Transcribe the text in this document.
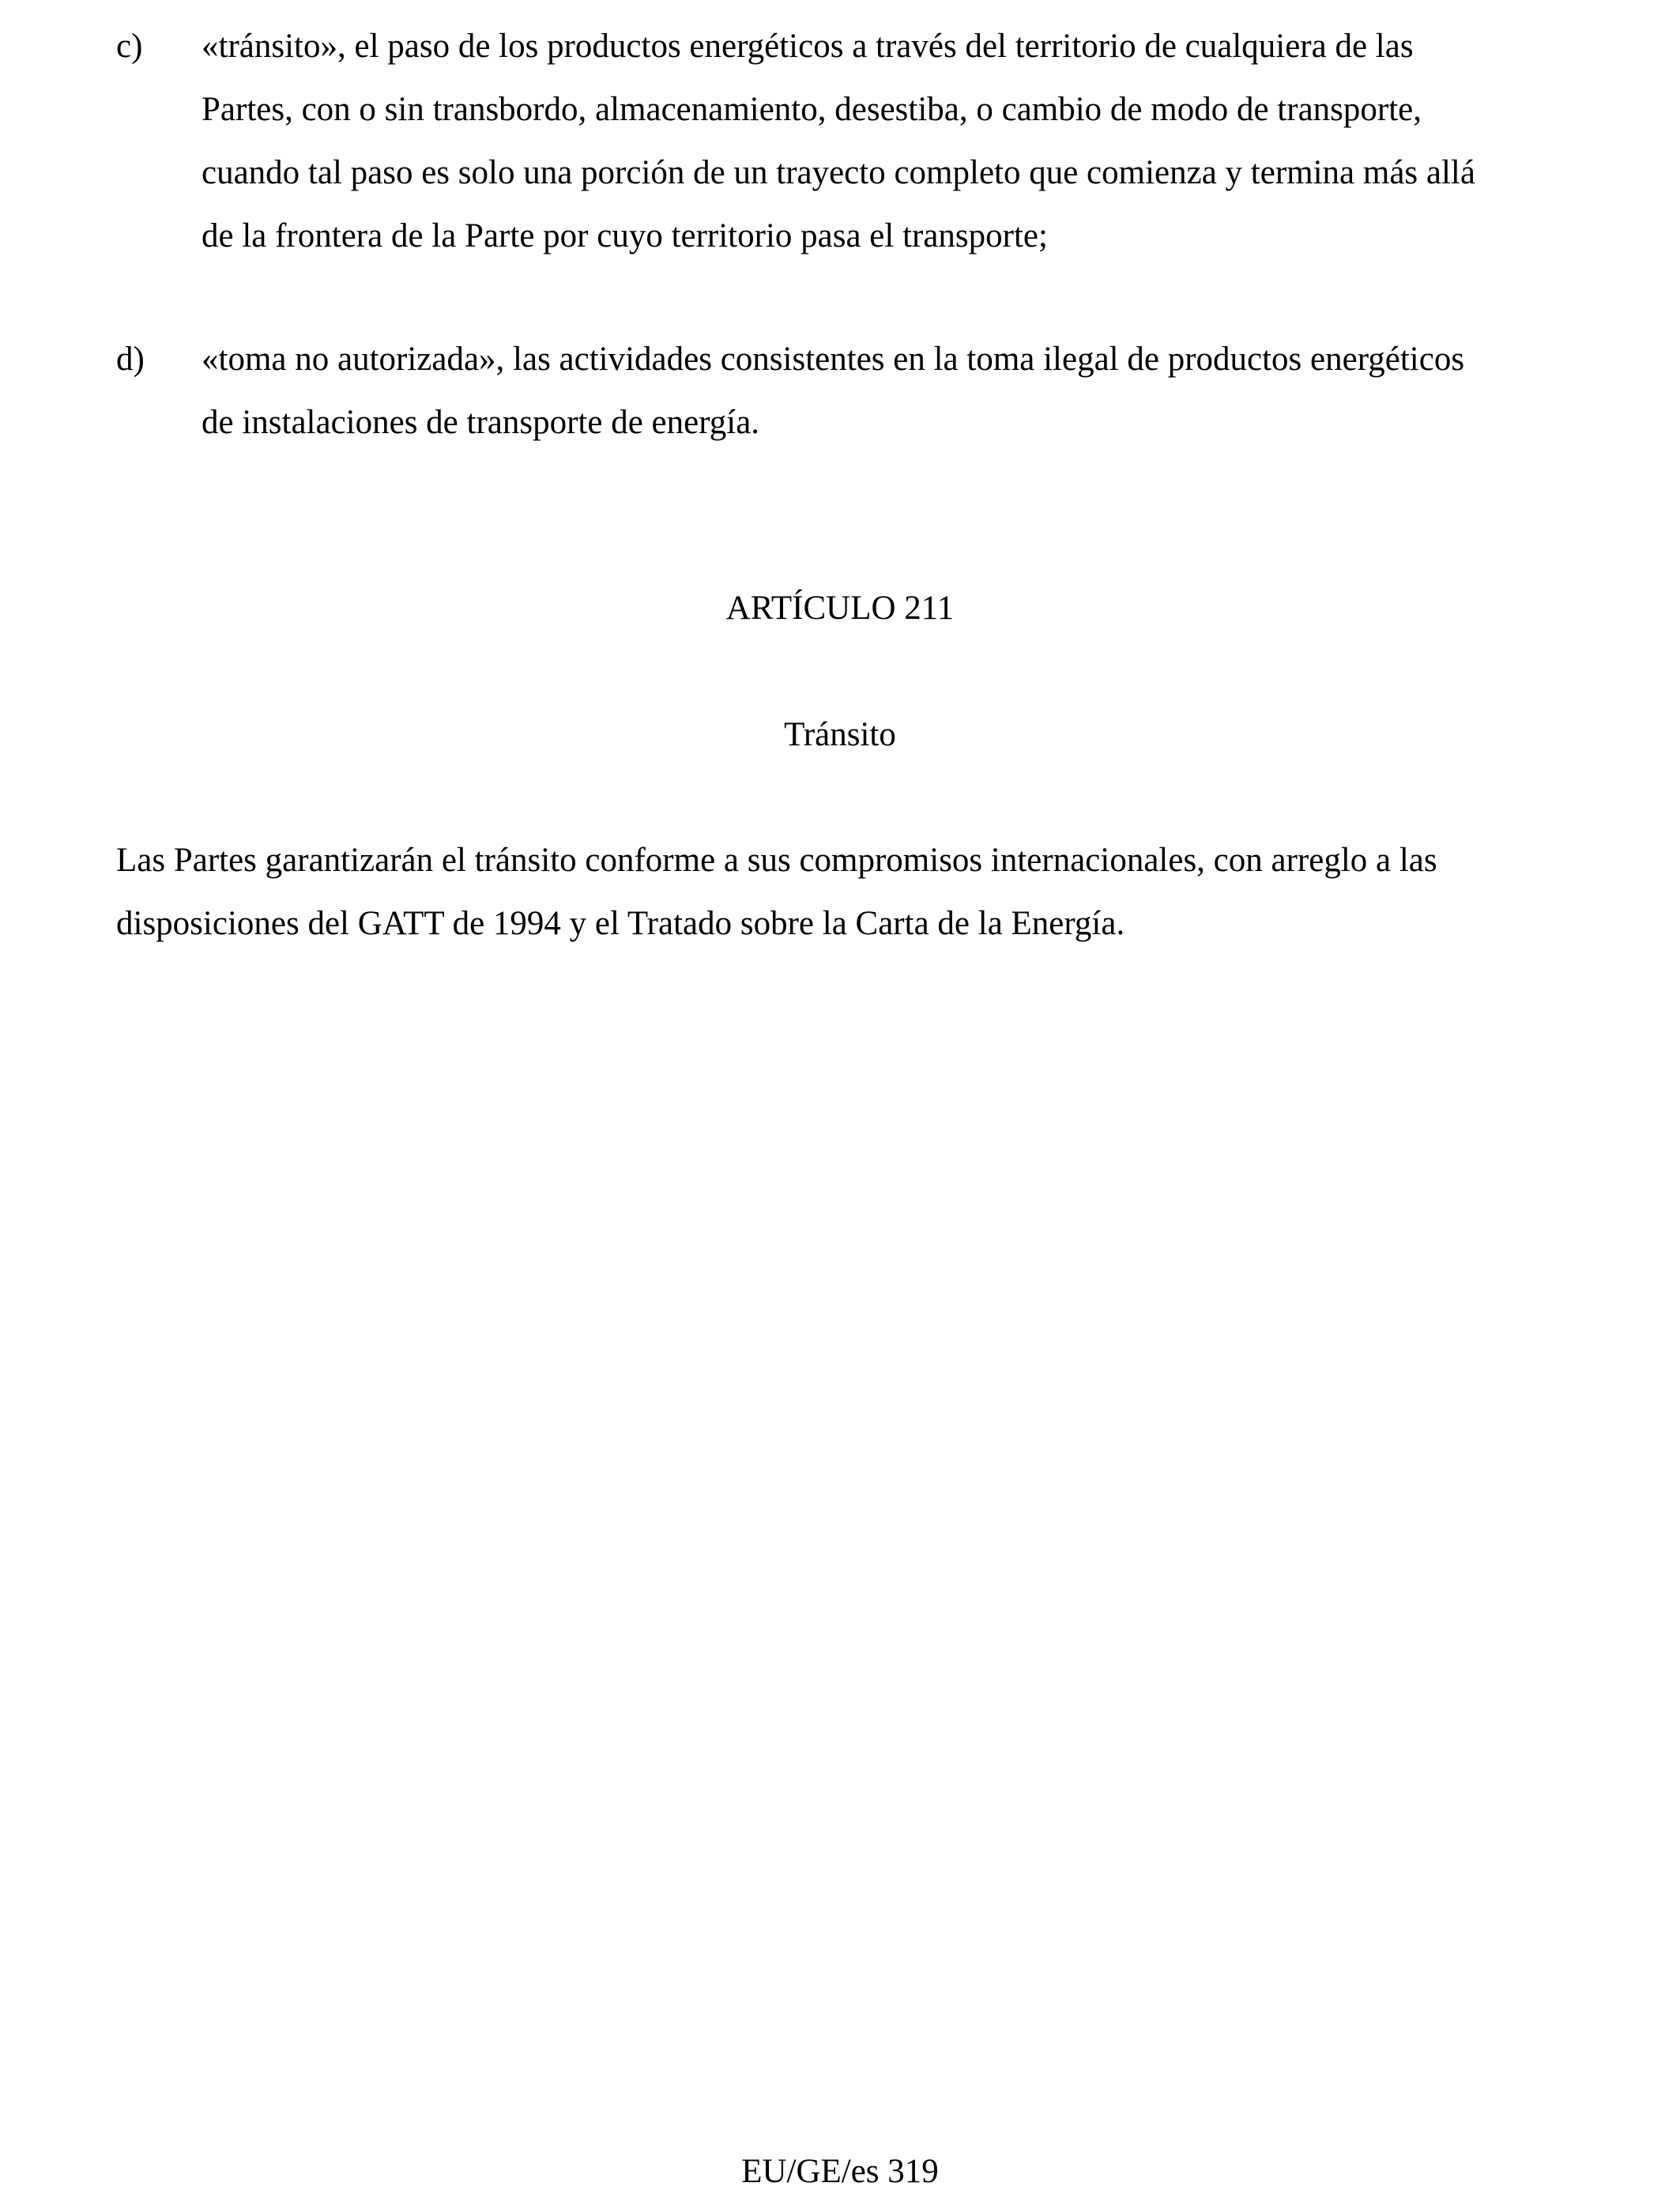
c) «tránsito», el paso de los productos energéticos a través del territorio de cualquiera de las
Partes, con o sin transbordo, almacenamiento, desestiba, o cambio de modo de transporte,
cuando tal paso es solo una porción de un trayecto completo que comienza y termina más allá
de la frontera de la Parte por cuyo territorio pasa el transporte;
d) «toma no autorizada», las actividades consistentes en la toma ilegal de productos energéticos
de instalaciones de transporte de energía.
ARTÍCULO 211
Tránsito
Las Partes garantizarán el tránsito conforme a sus compromisos internacionales, con arreglo a las
disposiciones del GATT de 1994 y el Tratado sobre la Carta de la Energía.
EU/GE/es 319
